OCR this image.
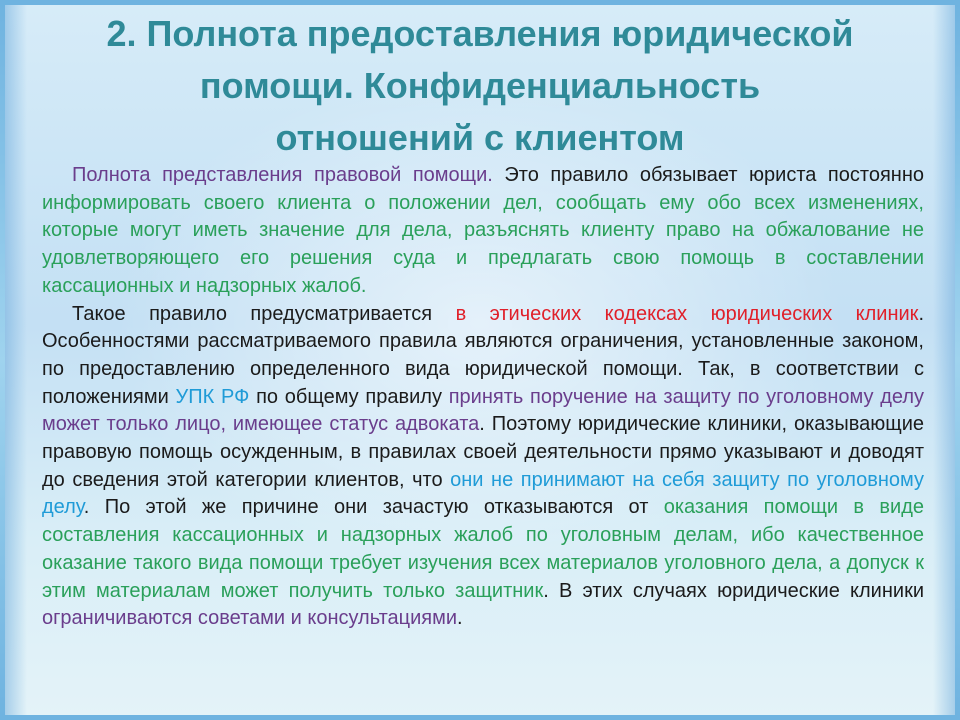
2. Полнота предоставления юридической
помощи. Конфиденциальность
отношений с клиентом

Полнота представления правовой помощи. Это правило обязывает юриста постоянно информировать своего клиента о положении дел, сообщать ему обо всех изменениях, которые могут иметь значение для дела, разъяснять клиенту право на обжалование не удовлетворяющего его решения суда и предлагать свою помощь в составлении кассационных и надзорных жалоб.

Такое правило предусматривается в этических кодексах юридических клиник. Особенностями рассматриваемого правила являются ограничения, установленные законом, по предоставлению определенного вида юридической помощи. Так, в соответствии с положениями УПК РФ по общему правилу принять поручение на защиту по уголовному делу может только лицо, имеющее статус адвоката. Поэтому юридические клиники, оказывающие правовую помощь осужденным, в правилах своей деятельности прямо указывают и доводят до сведения этой категории клиентов, что они не принимают на себя защиту по уголовному делу. По этой же причине они зачастую отказываются от оказания помощи в виде составления кассационных и надзорных жалоб по уголовным делам, ибо качественное оказание такого вида помощи требует изучения всех материалов уголовного дела, а допуск к этим материалам может получить только защитник. В этих случаях юридические клиники ограничиваются советами и консультациями.
